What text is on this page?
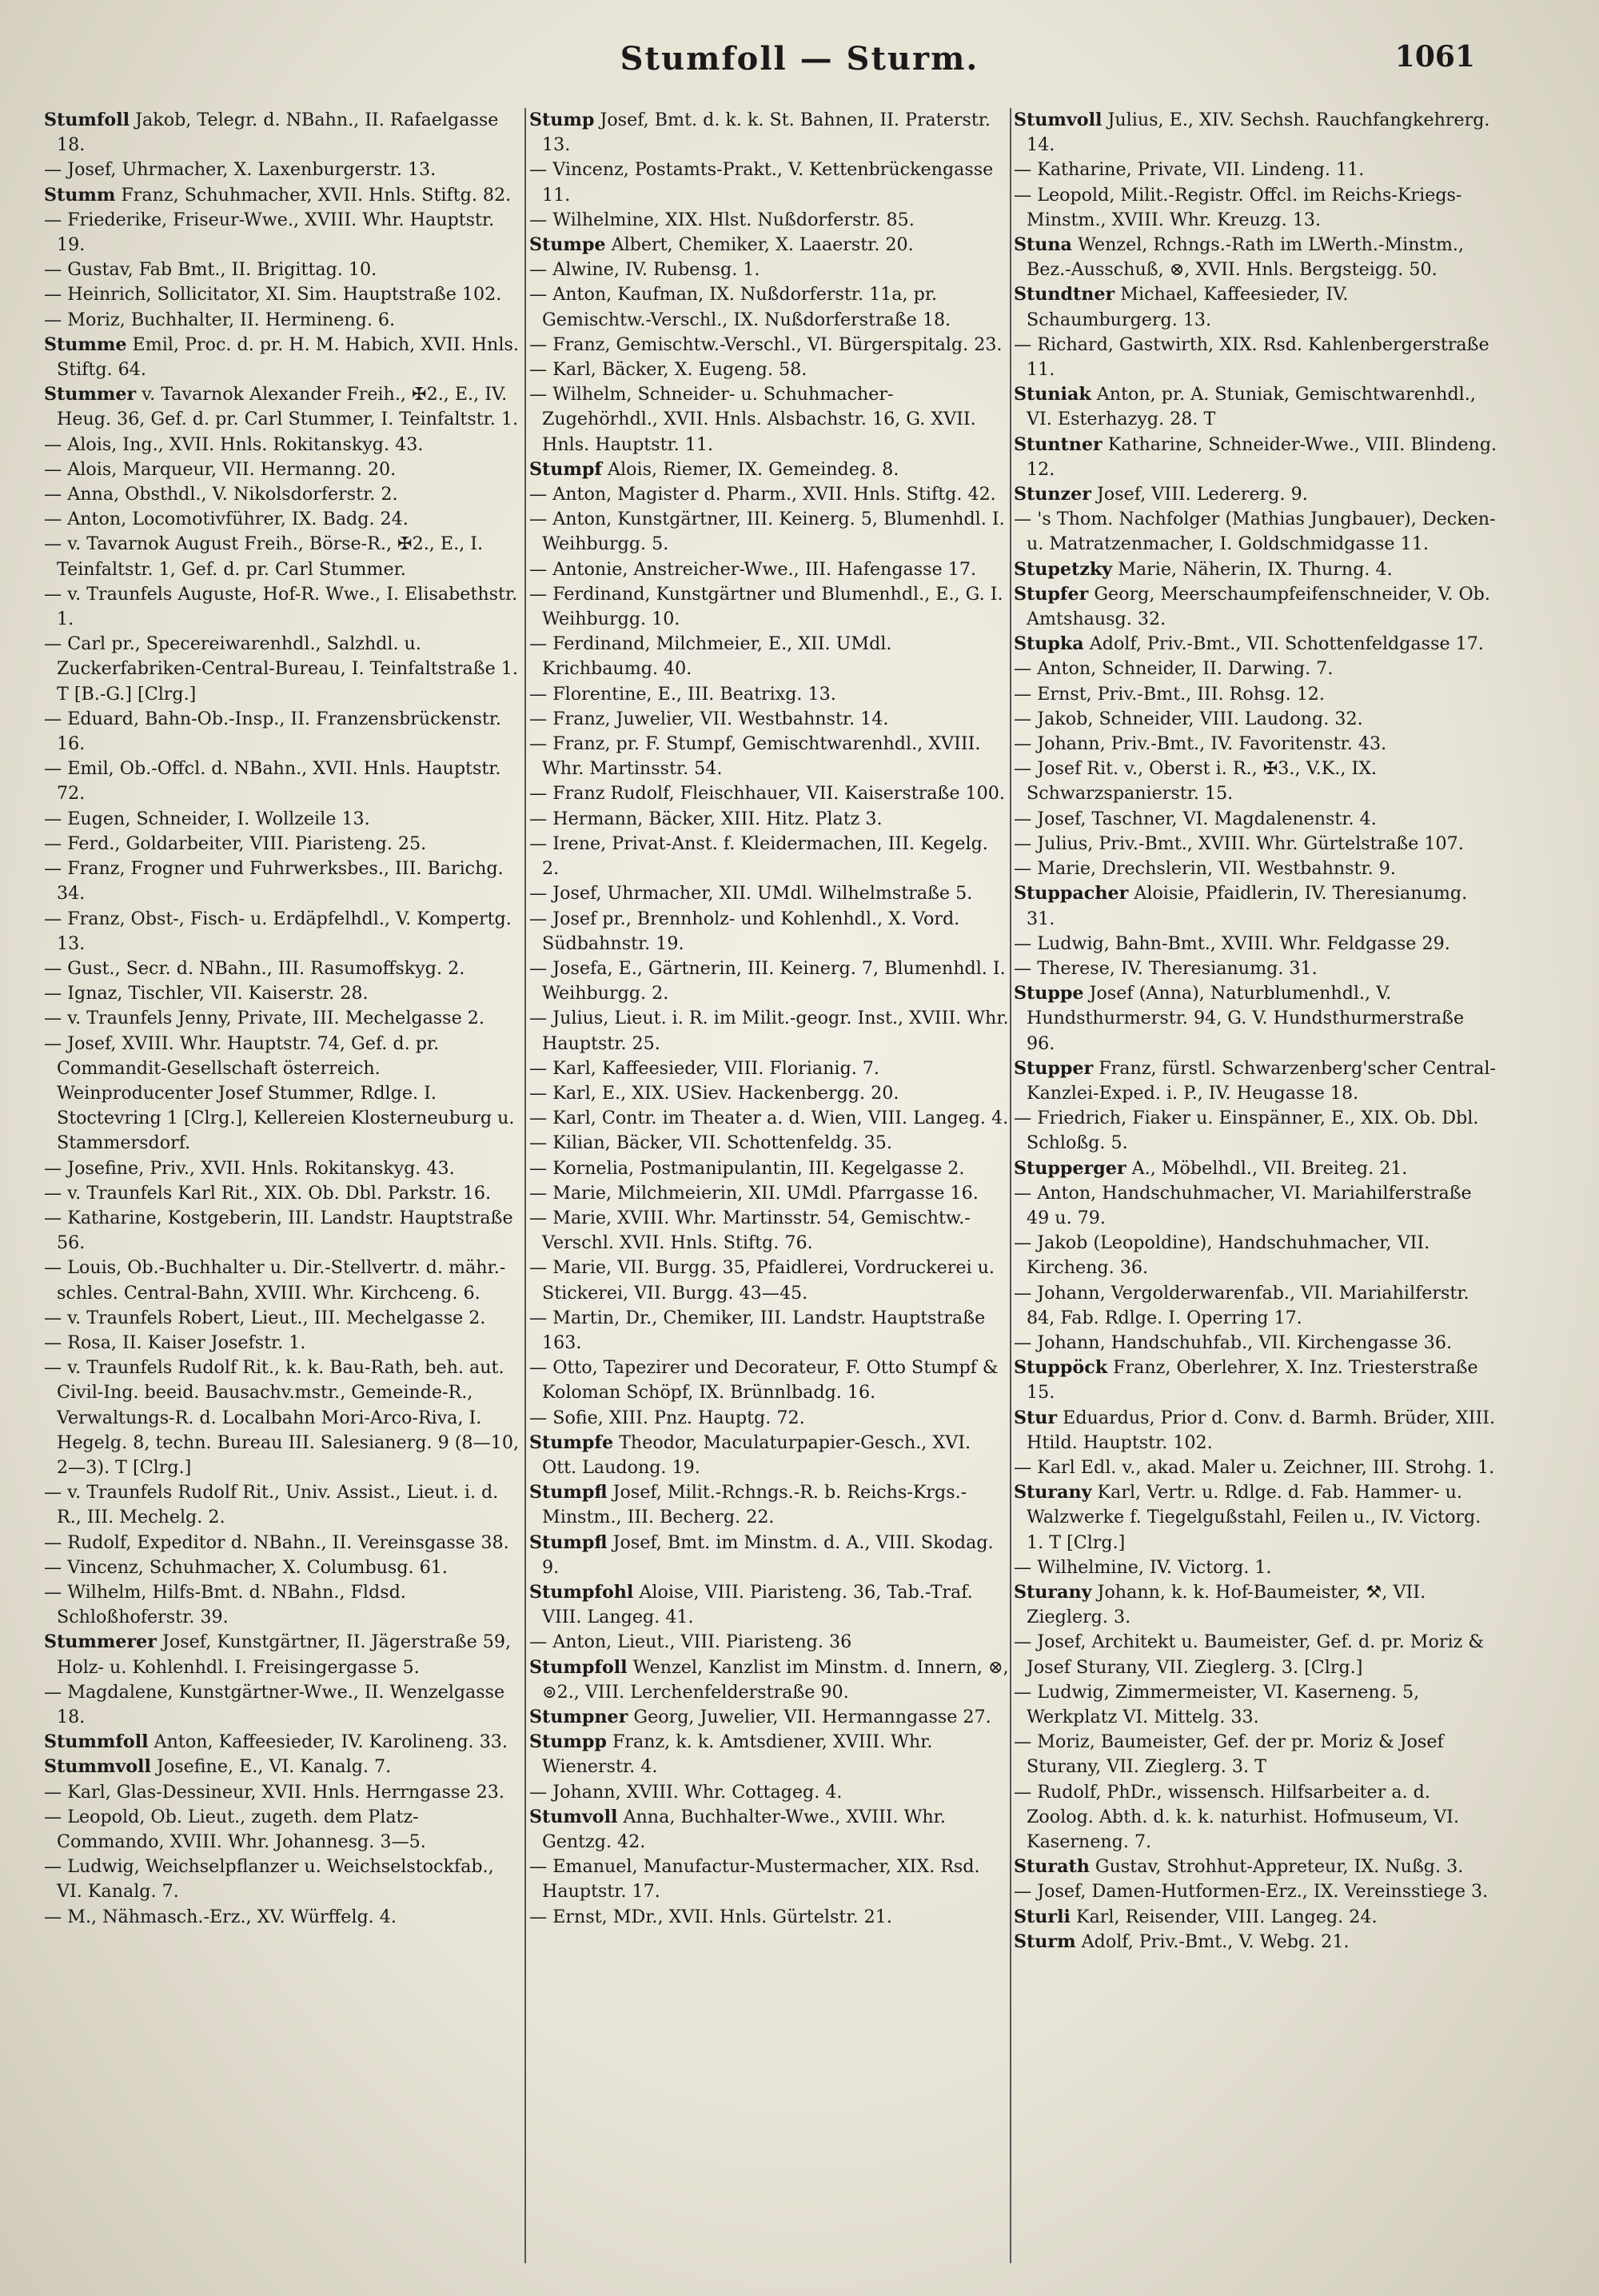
Stumfoll — Sturm.	1061
Stumfoll Jakob, Telegr. d. NBahn., II. Rafaelgasse 18.
— Josef, Uhrmacher, X. Laxenburgerstr. 13.
Stumm Franz, Schuhmacher, XVII. Hnls. Stiftg. 82.
— Friederike, Friseur-Wwe., XVIII. Whr. Hauptstr. 19.
— Gustav, Fab Bmt., II. Brigittag. 10.
— Heinrich, Sollicitator, XI. Sim. Hauptstraße 102.
— Moriz, Buchhalter, II. Hermineng. 6.
Stumme Emil, Proc. d. pr. H. M. Habich, XVII. Hnls. Stiftg. 64.
Stummer v. Tavarnok Alexander Freih., ✠2., E., IV. Heug. 36, Gef. d. pr. Carl Stummer, I. Teinfaltstr. 1.
— Alois, Ing., XVII. Hnls. Rokitanskyg. 43.
— Alois, Marqueur, VII. Hermanng. 20.
— Anna, Obsthdl., V. Nikolsdorferstr. 2.
— Anton, Locomotivführer, IX. Badg. 24.
— v. Tavarnok August Freih., Börse-R., ✠2., E., I. Teinfaltstr. 1, Gef. d. pr. Carl Stummer.
— v. Traunfels Auguste, Hof-R. Wwe., I. Elisabethstr. 1.
— Carl pr., Specereiwarenhdl., Salzhdl. u. Zuckerfabriken-Central-Bureau, I. Teinfaltstraße 1. T [B.-G.] [Clrg.]
— Eduard, Bahn-Ob.-Insp., II. Franzensbrückenstr. 16.
— Emil, Ob.-Offcl. d. NBahn., XVII. Hnls. Hauptstr. 72.
— Eugen, Schneider, I. Wollzeile 13.
— Ferd., Goldarbeiter, VIII. Piaristeng. 25.
— Franz, Frogner und Fuhrwerksbes., III. Barichg. 34.
— Franz, Obst-, Fisch- u. Erdäpfelhdl., V. Kompertg. 13.
— Gust., Secr. d. NBahn., III. Rasumoffskyg. 2.
— Ignaz, Tischler, VII. Kaiserstr. 28.
— v. Traunfels Jenny, Private, III. Mechelgasse 2.
— Josef, XVIII. Whr. Hauptstr. 74, Gef. d. pr. Commandit-Gesellschaft österreich. Weinproducenter Josef Stummer, Rdlge. I. Stoctevring 1 [Clrg.], Kellereien Klosterneuburg u. Stammersdorf.
— Josefine, Priv., XVII. Hnls. Rokitanskyg. 43.
— v. Traunfels Karl Rit., XIX. Ob. Dbl. Parkstr. 16.
— Katharine, Kostgeberin, III. Landstr. Hauptstraße 56.
— Louis, Ob.-Buchhalter u. Dir.-Stellvertr. d. mähr.-schles. Central-Bahn, XVIII. Whr. Kirchceng. 6.
— v. Traunfels Robert, Lieut., III. Mechelgasse 2.
— Rosa, II. Kaiser Josefstr. 1.
— v. Traunfels Rudolf Rit., k. k. Bau-Rath, beh. aut. Civil-Ing. beeid. Bausachv.mstr., Gemeinde-R., Verwaltungs-R. d. Localbahn Mori-Arco-Riva, I. Hegelg. 8, techn. Bureau III. Salesianerg. 9 (8—10, 2—3). T [Clrg.]
— v. Traunfels Rudolf Rit., Univ. Assist., Lieut. i. d. R., III. Mechelg. 2.
— Rudolf, Expeditor d. NBahn., II. Vereinsgasse 38.
— Vincenz, Schuhmacher, X. Columbusg. 61.
— Wilhelm, Hilfs-Bmt. d. NBahn., Fldsd. Schloßhoferstr. 39.
Stummerer Josef, Kunstgärtner, II. Jägerstraße 59, Holz- u. Kohlenhdl. I. Freisingergasse 5.
— Magdalene, Kunstgärtner-Wwe., II. Wenzelgasse 18.
Stummfoll Anton, Kaffeesieder, IV. Karolineng. 33.
Stummvoll Josefine, E., VI. Kanalg. 7.
— Karl, Glas-Dessineur, XVII. Hnls. Herrngasse 23.
— Leopold, Ob. Lieut., zugeth. dem Platz-Commando, XVIII. Whr. Johannesg. 3—5.
— Ludwig, Weichselpflanzer u. Weichselstockfab., VI. Kanalg. 7.
— M., Nähmasch.-Erz., XV. Würffelg. 4.
Stump Josef, Bmt. d. k. k. St. Bahnen, II. Praterstr. 13.
— Vincenz, Postamts-Prakt., V. Kettenbrückengasse 11.
— Wilhelmine, XIX. Hlst. Nußdorferstr. 85.
Stumpe Albert, Chemiker, X. Laaerstr. 20.
— Alwine, IV. Rubensg. 1.
— Anton, Kaufman, IX. Nußdorferstr. 11a, pr. Gemischtw.-Verschl., IX. Nußdorferstraße 18.
— Franz, Gemischtw.-Verschl., VI. Bürgerspitalg. 23.
— Karl, Bäcker, X. Eugeng. 58.
— Wilhelm, Schneider- u. Schuhmacher-Zugehörhdl., XVII. Hnls. Alsbachstr. 16, G. XVII. Hnls. Hauptstr. 11.
Stumpf Alois, Riemer, IX. Gemeindeg. 8.
— Anton, Magister d. Pharm., XVII. Hnls. Stiftg. 42.
— Anton, Kunstgärtner, III. Keinerg. 5, Blumenhdl. I. Weihburgg. 5.
— Antonie, Anstreicher-Wwe., III. Hafengasse 17.
— Ferdinand, Kunstgärtner und Blumenhdl., E., G. I. Weihburgg. 10.
— Ferdinand, Milchmeier, E., XII. UMdl. Krichbaumg. 40.
— Florentine, E., III. Beatrixg. 13.
— Franz, Juwelier, VII. Westbahnstr. 14.
— Franz, pr. F. Stumpf, Gemischtwarenhdl., XVIII. Whr. Martinsstr. 54.
— Franz Rudolf, Fleischhauer, VII. Kaiserstraße 100.
— Hermann, Bäcker, XIII. Hitz. Platz 3.
— Irene, Privat-Anst. f. Kleidermachen, III. Kegelg. 2.
— Josef, Uhrmacher, XII. UMdl. Wilhelmstraße 5.
— Josef pr., Brennholz- und Kohlenhdl., X. Vord. Südbahnstr. 19.
— Josefa, E., Gärtnerin, III. Keinerg. 7, Blumenhdl. I. Weihburgg. 2.
— Julius, Lieut. i. R. im Milit.-geogr. Inst., XVIII. Whr. Hauptstr. 25.
— Karl, Kaffeesieder, VIII. Florianig. 7.
— Karl, E., XIX. USiev. Hackenbergg. 20.
— Karl, Contr. im Theater a. d. Wien, VIII. Langeg. 4.
— Kilian, Bäcker, VII. Schottenfeldg. 35.
— Kornelia, Postmanipulantin, III. Kegelgasse 2.
— Marie, Milchmeierin, XII. UMdl. Pfarrgasse 16.
— Marie, XVIII. Whr. Martinsstr. 54, Gemischtw.-Verschl. XVII. Hnls. Stiftg. 76.
— Marie, VII. Burgg. 35, Pfaidlerei, Vordruckerei u. Stickerei, VII. Burgg. 43—45.
— Martin, Dr., Chemiker, III. Landstr. Hauptstraße 163.
— Otto, Tapezirer und Decorateur, F. Otto Stumpf & Koloman Schöpf, IX. Brünnlbadg. 16.
— Sofie, XIII. Pnz. Hauptg. 72.
Stumpfe Theodor, Maculaturpapier-Gesch., XVI. Ott. Laudong. 19.
Stumpfl Josef, Milit.-Rchngs.-R. b. Reichs-Krgs.-Minstm., III. Becherg. 22.
Stumpfl Josef, Bmt. im Minstm. d. A., VIII. Skodag. 9.
Stumpfohl Aloise, VIII. Piaristeng. 36, Tab.-Traf. VIII. Langeg. 41.
— Anton, Lieut., VIII. Piaristeng. 36
Stumpfoll Wenzel, Kanzlist im Minstm. d. Innern, ⊗, ⊚2., VIII. Lerchenfelderstraße 90.
Stumpner Georg, Juwelier, VII. Hermanngasse 27.
Stumpp Franz, k. k. Amtsdiener, XVIII. Whr. Wienerstr. 4.
— Johann, XVIII. Whr. Cottageg. 4.
Stumvoll Anna, Buchhalter-Wwe., XVIII. Whr. Gentzg. 42.
— Emanuel, Manufactur-Mustermacher, XIX. Rsd. Hauptstr. 17.
— Ernst, MDr., XVII. Hnls. Gürtelstr. 21.
Stumvoll Julius, E., XIV. Sechsh. Rauchfangkehrerg. 14.
— Katharine, Private, VII. Lindeng. 11.
— Leopold, Milit.-Registr. Offcl. im Reichs-Kriegs-Minstm., XVIII. Whr. Kreuzg. 13.
Stuna Wenzel, Rchngs.-Rath im LWerth.-Minstm., Bez.-Ausschuß, ⊗, XVII. Hnls. Bergsteigg. 50.
Stundtner Michael, Kaffeesieder, IV. Schaumburgerg. 13.
— Richard, Gastwirth, XIX. Rsd. Kahlenbergerstraße 11.
Stuniak Anton, pr. A. Stuniak, Gemischtwarenhdl., VI. Esterhazyg. 28. T
Stuntner Katharine, Schneider-Wwe., VIII. Blindeng. 12.
Stunzer Josef, VIII. Ledererg. 9.
— 's Thom. Nachfolger (Mathias Jungbauer), Decken- u. Matratzenmacher, I. Goldschmidgasse 11.
Stupetzky Marie, Näherin, IX. Thurng. 4.
Stupfer Georg, Meerschaumpfeifenschneider, V. Ob. Amtshausg. 32.
Stupka Adolf, Priv.-Bmt., VII. Schottenfeldgasse 17.
— Anton, Schneider, II. Darwing. 7.
— Ernst, Priv.-Bmt., III. Rohsg. 12.
— Jakob, Schneider, VIII. Laudong. 32.
— Johann, Priv.-Bmt., IV. Favoritenstr. 43.
— Josef Rit. v., Oberst i. R., ✠3., V.K., IX. Schwarzspanierstr. 15.
— Josef, Taschner, VI. Magdalenenstr. 4.
— Julius, Priv.-Bmt., XVIII. Whr. Gürtelstraße 107.
— Marie, Drechslerin, VII. Westbahnstr. 9.
Stuppacher Aloisie, Pfaidlerin, IV. Theresianumg. 31.
— Ludwig, Bahn-Bmt., XVIII. Whr. Feldgasse 29.
— Therese, IV. Theresianumg. 31.
Stuppe Josef (Anna), Naturblumenhdl., V. Hundsthurmerstr. 94, G. V. Hundsthurmerstraße 96.
Stupper Franz, fürstl. Schwarzenberg'scher Central-Kanzlei-Exped. i. P., IV. Heugasse 18.
— Friedrich, Fiaker u. Einspänner, E., XIX. Ob. Dbl. Schloßg. 5.
Stupperger A., Möbelhdl., VII. Breiteg. 21.
— Anton, Handschuhmacher, VI. Mariahilferstraße 49 u. 79.
— Jakob (Leopoldine), Handschuhmacher, VII. Kircheng. 36.
— Johann, Vergolderwarenfab., VII. Mariahilferstr. 84, Fab. Rdlge. I. Operring 17.
— Johann, Handschuhfab., VII. Kirchengasse 36.
Stuppöck Franz, Oberlehrer, X. Inz. Triesterstraße 15.
Stur Eduardus, Prior d. Conv. d. Barmh. Brüder, XIII. Htild. Hauptstr. 102.
— Karl Edl. v., akad. Maler u. Zeichner, III. Strohg. 1.
Sturany Karl, Vertr. u. Rdlge. d. Fab. Hammer- u. Walzwerke f. Tiegelgußstahl, Feilen u., IV. Victorg. 1. T [Clrg.]
— Wilhelmine, IV. Victorg. 1.
Sturany Johann, k. k. Hof-Baumeister, ⚒, VII. Zieglerg. 3.
— Josef, Architekt u. Baumeister, Gef. d. pr. Moriz & Josef Sturany, VII. Zieglerg. 3. [Clrg.]
— Ludwig, Zimmermeister, VI. Kaserneng. 5, Werkplatz VI. Mittelg. 33.
— Moriz, Baumeister, Gef. der pr. Moriz & Josef Sturany, VII. Zieglerg. 3. T
— Rudolf, PhDr., wissensch. Hilfsarbeiter a. d. Zoolog. Abth. d. k. k. naturhist. Hofmuseum, VI. Kaserneng. 7.
Sturath Gustav, Strohhut-Appreteur, IX. Nußg. 3.
— Josef, Damen-Hutformen-Erz., IX. Vereinsstiege 3.
Sturli Karl, Reisender, VIII. Langeg. 24.
Sturm Adolf, Priv.-Bmt., V. Webg. 21.
